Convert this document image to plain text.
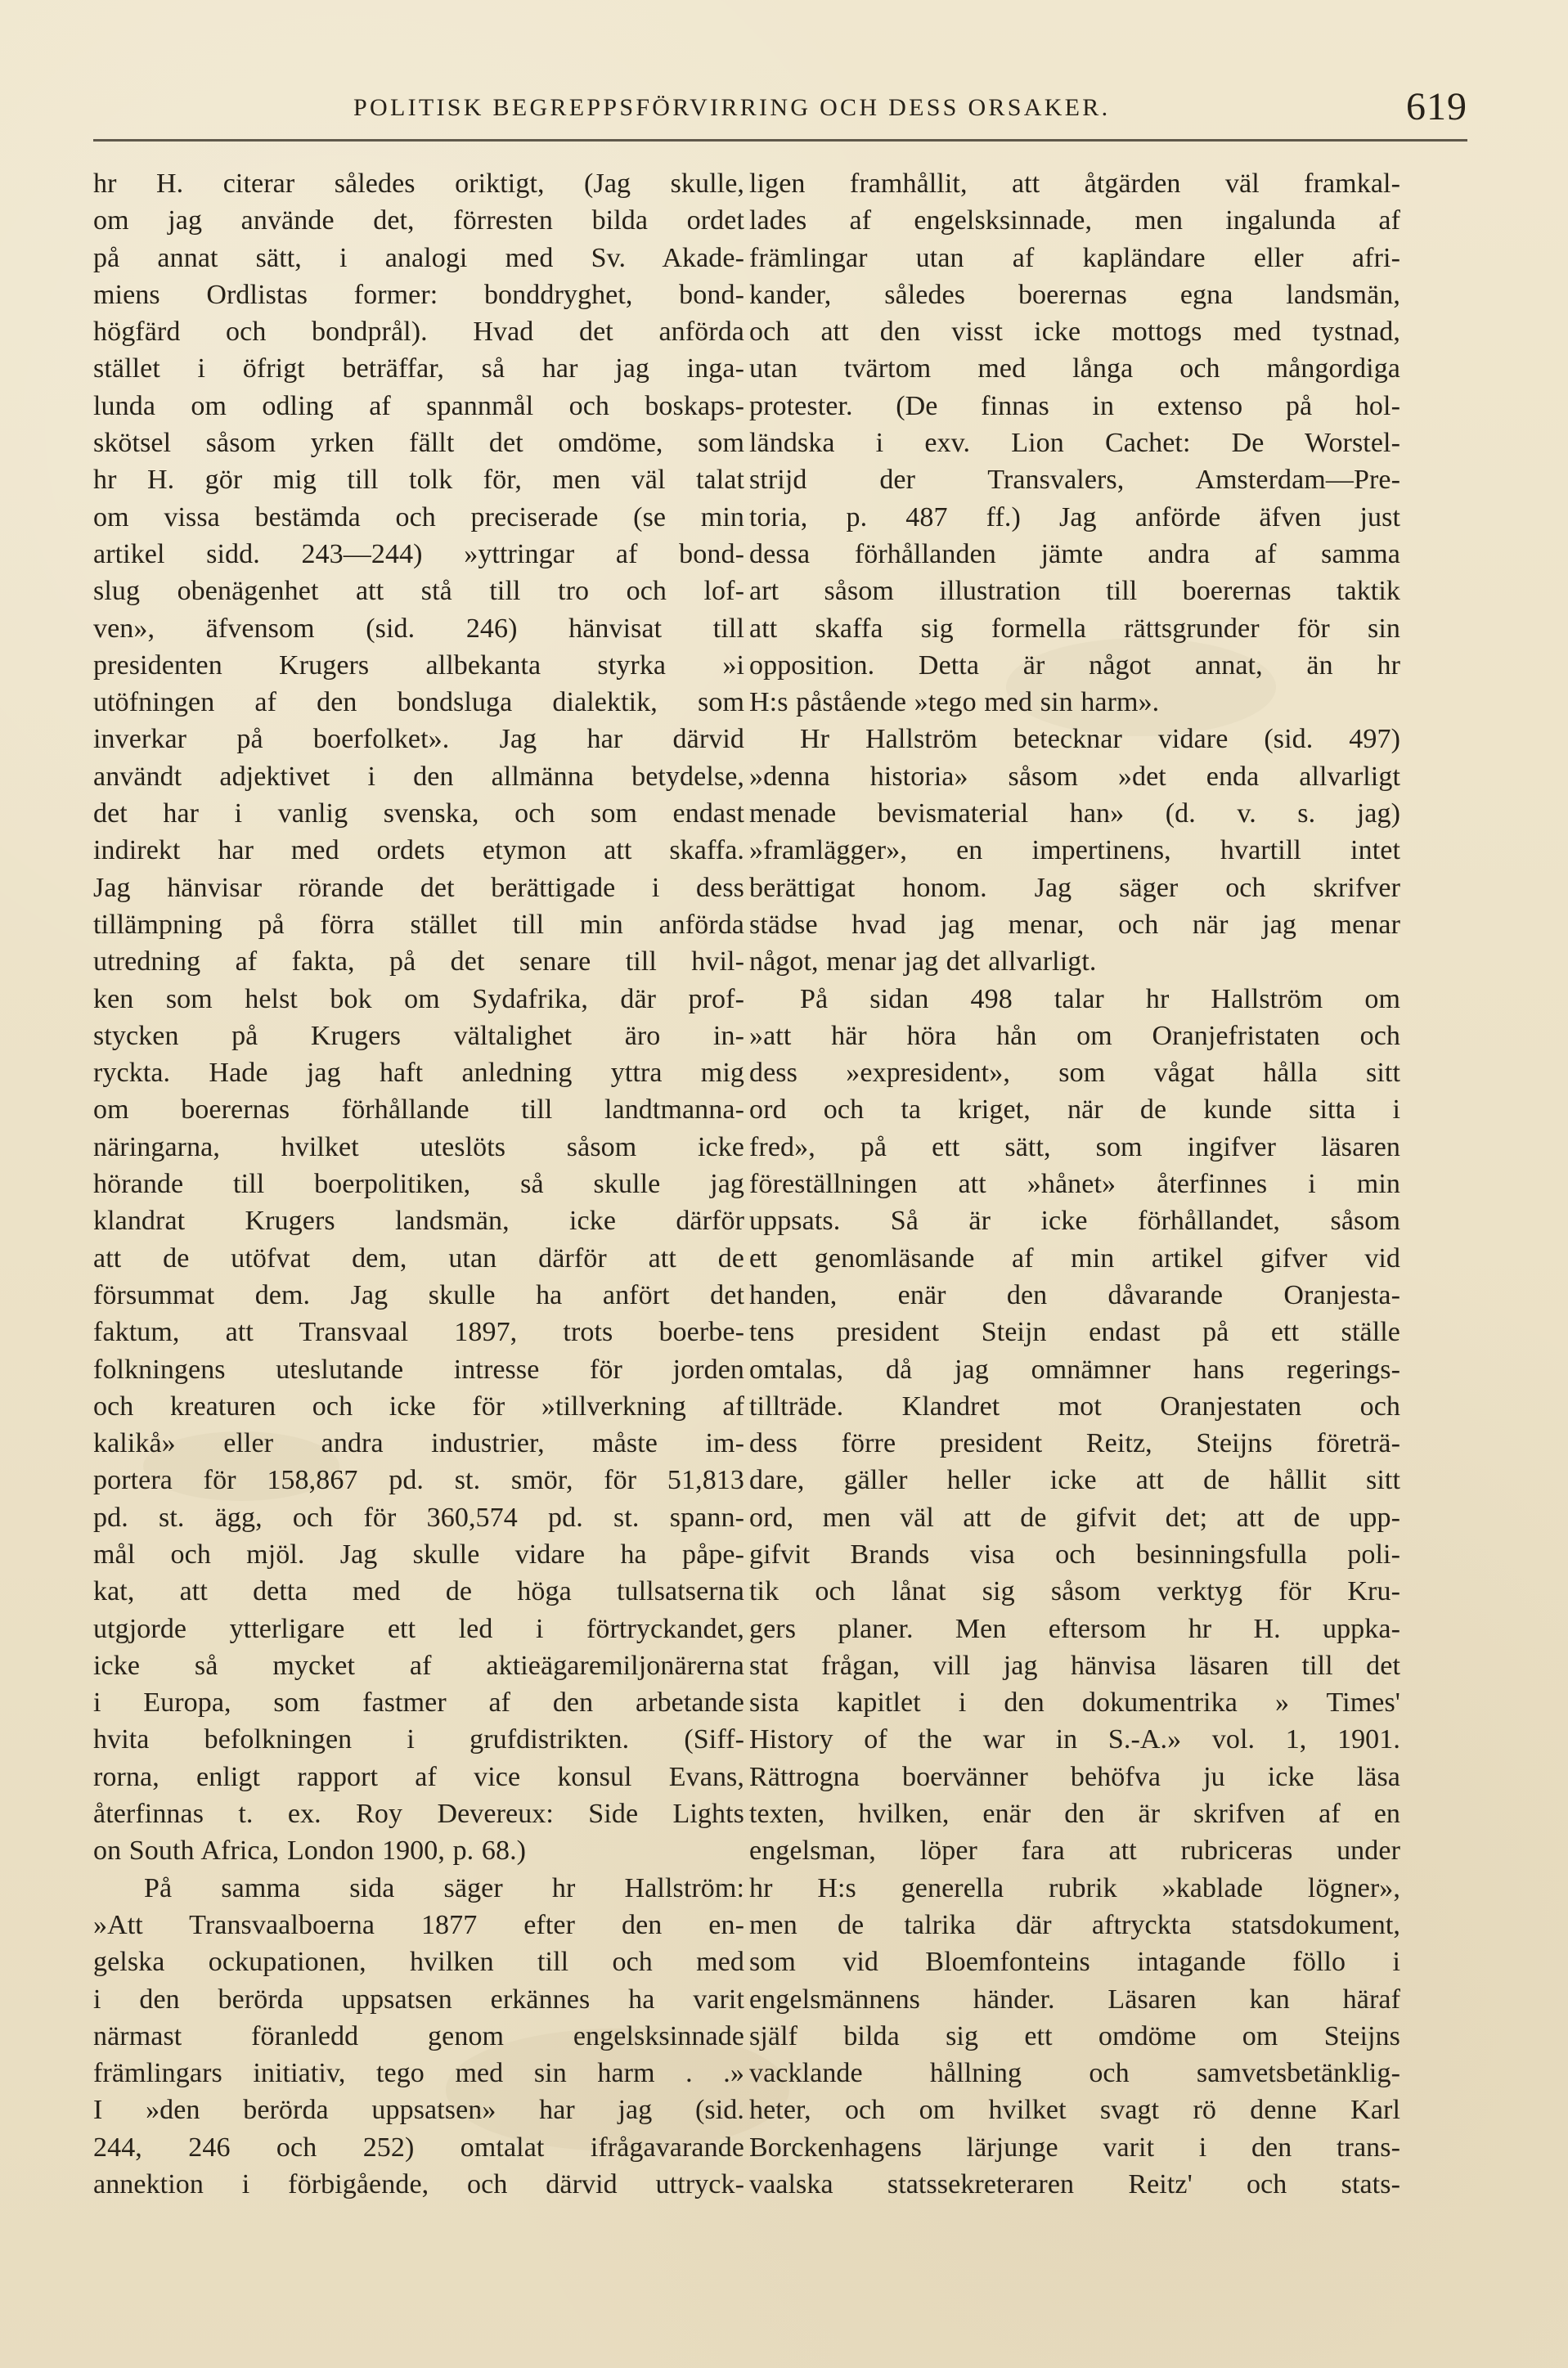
POLITISK BEGREPPSFÖRVIRRING OCH DESS ORSAKER.	619
hr H. citerar således oriktigt, (Jag skulle,
om jag använde det, förresten bilda ordet
på annat sätt, i analogi med Sv. Akade-
miens Ordlistas former: bonddryghet, bond-
högfärd och bondprål). Hvad det anförda
stället i öfrigt beträffar, så har jag inga-
lunda om odling af spannmål och boskaps-
skötsel såsom yrken fällt det omdöme, som
hr H. gör mig till tolk för, men väl talat
om vissa bestämda och preciserade (se min
artikel sidd. 243—244) »yttringar af bond-
slug obenägenhet att stå till tro och lof-
ven», äfvensom (sid. 246) hänvisat till
presidenten Krugers allbekanta styrka »i
utöfningen af den bondsluga dialektik, som
inverkar på boerfolket». Jag har därvid
användt adjektivet i den allmänna betydelse,
det har i vanlig svenska, och som endast
indirekt har med ordets etymon att skaffa.
Jag hänvisar rörande det berättigade i dess
tillämpning på förra stället till min anförda
utredning af fakta, på det senare till hvil-
ken som helst bok om Sydafrika, där prof-
stycken på Krugers vältalighet äro in-
ryckta. Hade jag haft anledning yttra mig
om boerernas förhållande till landtmanna-
näringarna, hvilket uteslöts såsom icke
hörande till boerpolitiken, så skulle jag
klandrat Krugers landsmän, icke därför
att de utöfvat dem, utan därför att de
försummat dem. Jag skulle ha anfört det
faktum, att Transvaal 1897, trots boerbe-
folkningens uteslutande intresse för jorden
och kreaturen och icke för »tillverkning af
kalikå» eller andra industrier, måste im-
portera för 158,867 pd. st. smör, för 51,813
pd. st. ägg, och för 360,574 pd. st. spann-
mål och mjöl. Jag skulle vidare ha påpe-
kat, att detta med de höga tullsatserna
utgjorde ytterligare ett led i förtryckandet,
icke så mycket af aktieägaremiljonärerna
i Europa, som fastmer af den arbetande
hvita befolkningen i grufdistrikten. (Siff-
rorna, enligt rapport af vice konsul Evans,
återfinnas t. ex. Roy Devereux: Side Lights
on South Africa, London 1900, p. 68.)
På samma sida säger hr Hallström:
»Att Transvaalboerna 1877 efter den en-
gelska ockupationen, hvilken till och med
i den berörda uppsatsen erkännes ha varit
närmast föranledd genom engelsksinnade
främlingars initiativ, tego med sin harm . .»
I »den berörda uppsatsen» har jag (sid.
244, 246 och 252) omtalat ifrågavarande
annektion i förbigående, och därvid uttryck-
ligen framhållit, att åtgärden väl framkal-
lades af engelsksinnade, men ingalunda af
främlingar utan af kapländare eller afri-
kander, således boerernas egna landsmän,
och att den visst icke mottogs med tystnad,
utan tvärtom med långa och mångordiga
protester. (De finnas in extenso på hol-
ländska i exv. Lion Cachet: De Worstel-
strijd der Transvalers, Amsterdam—Pre-
toria, p. 487 ff.) Jag anförde äfven just
dessa förhållanden jämte andra af samma
art såsom illustration till boerernas taktik
att skaffa sig formella rättsgrunder för sin
opposition. Detta är något annat, än hr
H:s påstående »tego med sin harm».
Hr Hallström betecknar vidare (sid. 497)
»denna historia» såsom »det enda allvarligt
menade bevismaterial han» (d. v. s. jag)
»framlägger», en impertinens, hvartill intet
berättigat honom. Jag säger och skrifver
städse hvad jag menar, och när jag menar
något, menar jag det allvarligt.
På sidan 498 talar hr Hallström om
»att här höra hån om Oranjefristaten och
dess »expresident», som vågat hålla sitt
ord och ta kriget, när de kunde sitta i
fred», på ett sätt, som ingifver läsaren
föreställningen att »hånet» återfinnes i min
uppsats. Så är icke förhållandet, såsom
ett genomläsande af min artikel gifver vid
handen, enär den dåvarande Oranjesta-
tens president Steijn endast på ett ställe
omtalas, då jag omnämner hans regerings-
tillträde. Klandret mot Oranjestaten och
dess förre president Reitz, Steijns företrä-
dare, gäller heller icke att de hållit sitt
ord, men väl att de gifvit det; att de upp-
gifvit Brands visa och besinningsfulla poli-
tik och lånat sig såsom verktyg för Kru-
gers planer. Men eftersom hr H. uppka-
stat frågan, vill jag hänvisa läsaren till det
sista kapitlet i den dokumentrika » Times'
History of the war in S.-A.» vol. 1, 1901.
Rättrogna boervänner behöfva ju icke läsa
texten, hvilken, enär den är skrifven af en
engelsman, löper fara att rubriceras under
hr H:s generella rubrik »kablade lögner»,
men de talrika där aftryckta statsdokument,
som vid Bloemfonteins intagande föllo i
engelsmännens händer. Läsaren kan häraf
själf bilda sig ett omdöme om Steijns
vacklande hållning och samvetsbetänklig-
heter, och om hvilket svagt rö denne Karl
Borckenhagens lärjunge varit i den trans-
vaalska statssekreteraren Reitz' och stats-
